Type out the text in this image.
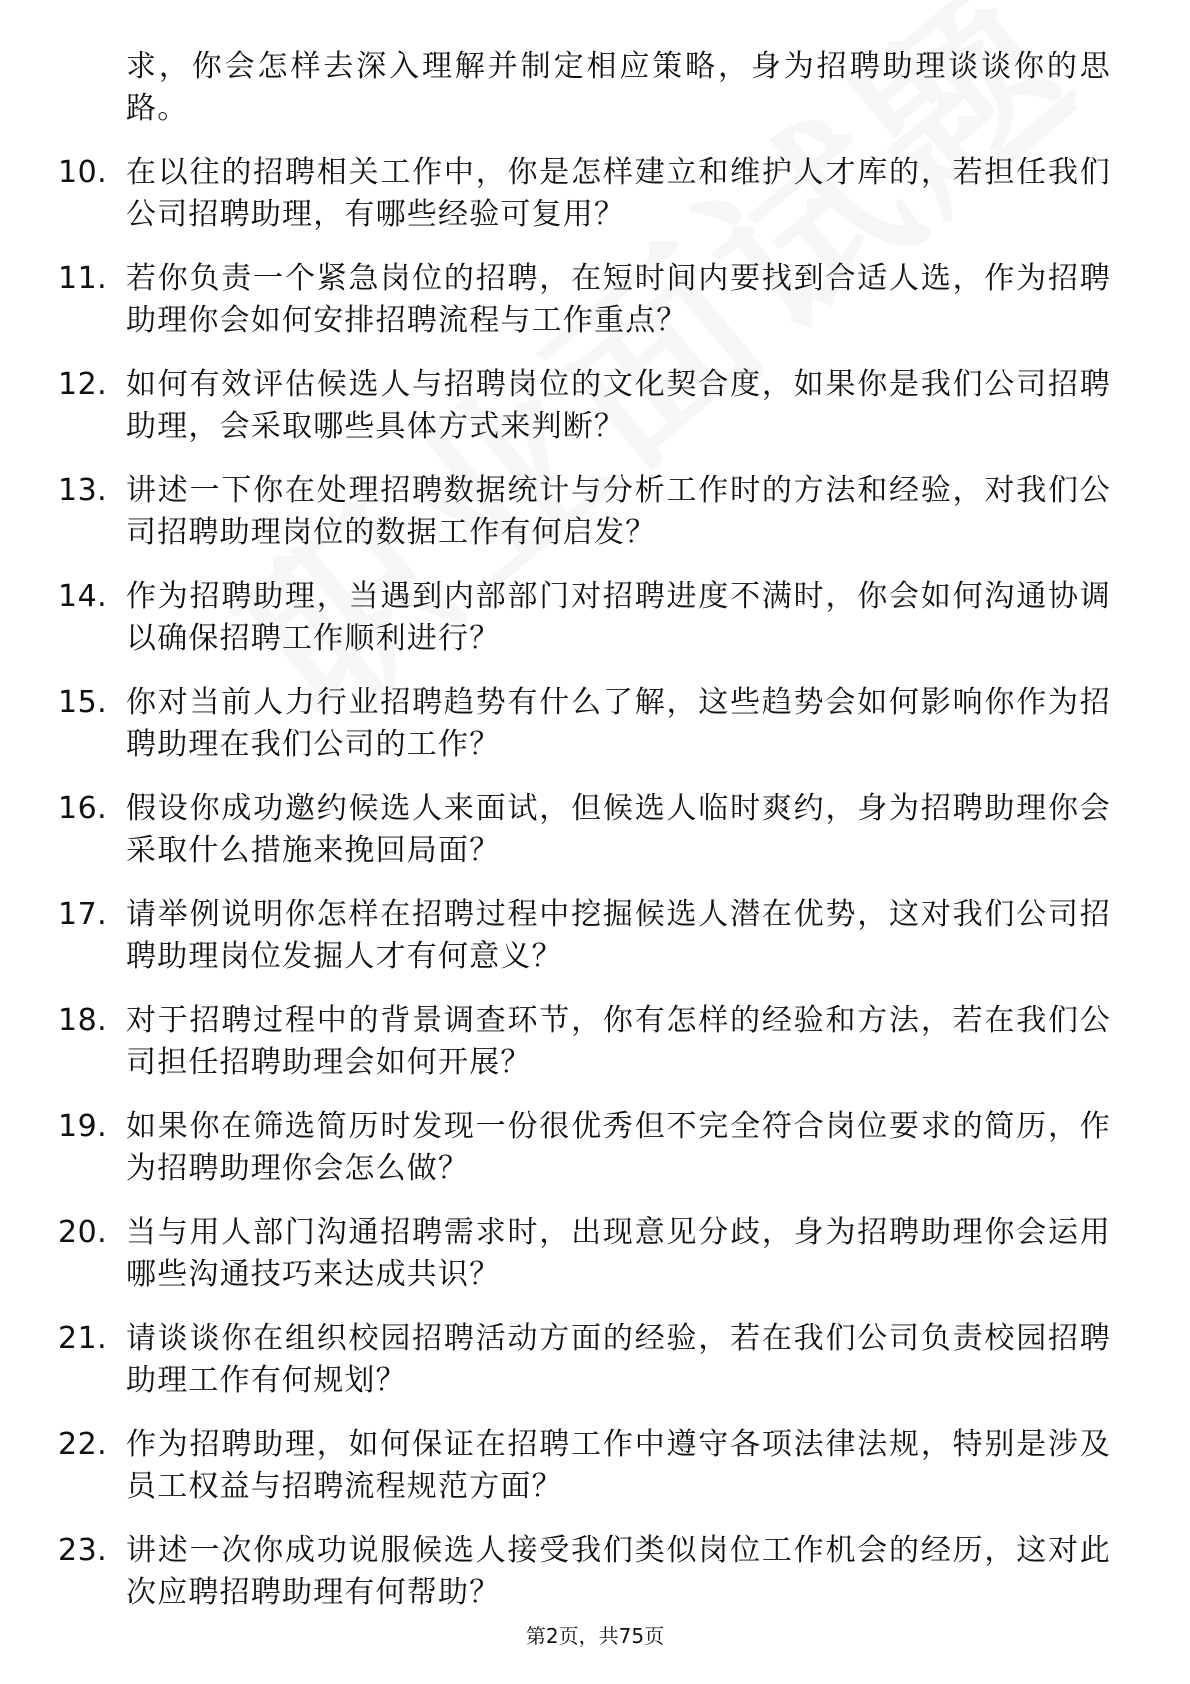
求，你会怎样去深入理解并制定相应策略，身为招聘助理谈谈你的思路。
10. 在以往的招聘相关工作中，你是怎样建立和维护人才库的，若担任我们公司招聘助理，有哪些经验可复用？
11. 若你负责一个紧急岗位的招聘，在短时间内要找到合适人选，作为招聘助理你会如何安排招聘流程与工作重点？
12. 如何有效评估候选人与招聘岗位的文化契合度，如果你是我们公司招聘助理，会采取哪些具体方式来判断？
13. 讲述一下你在处理招聘数据统计与分析工作时的方法和经验，对我们公司招聘助理岗位的数据工作有何启发？
14. 作为招聘助理，当遇到内部部门对招聘进度不满时，你会如何沟通协调以确保招聘工作顺利进行？
15. 你对当前人力行业招聘趋势有什么了解，这些趋势会如何影响你作为招聘助理在我们公司的工作？
16. 假设你成功邀约候选人来面试，但候选人临时爽约，身为招聘助理你会采取什么措施来挽回局面？
17. 请举例说明你怎样在招聘过程中挖掘候选人潜在优势，这对我们公司招聘助理岗位发掘人才有何意义？
18. 对于招聘过程中的背景调查环节，你有怎样的经验和方法，若在我们公司担任招聘助理会如何开展？
19. 如果你在筛选简历时发现一份很优秀但不完全符合岗位要求的简历，作为招聘助理你会怎么做？
20. 当与用人部门沟通招聘需求时，出现意见分歧，身为招聘助理你会运用哪些沟通技巧来达成共识？
21. 请谈谈你在组织校园招聘活动方面的经验，若在我们公司负责校园招聘助理工作有何规划？
22. 作为招聘助理，如何保证在招聘工作中遵守各项法律法规，特别是涉及员工权益与招聘流程规范方面？
23. 讲述一次你成功说服候选人接受我们类似岗位工作机会的经历，这对此次应聘招聘助理有何帮助？
第2页，共75页
